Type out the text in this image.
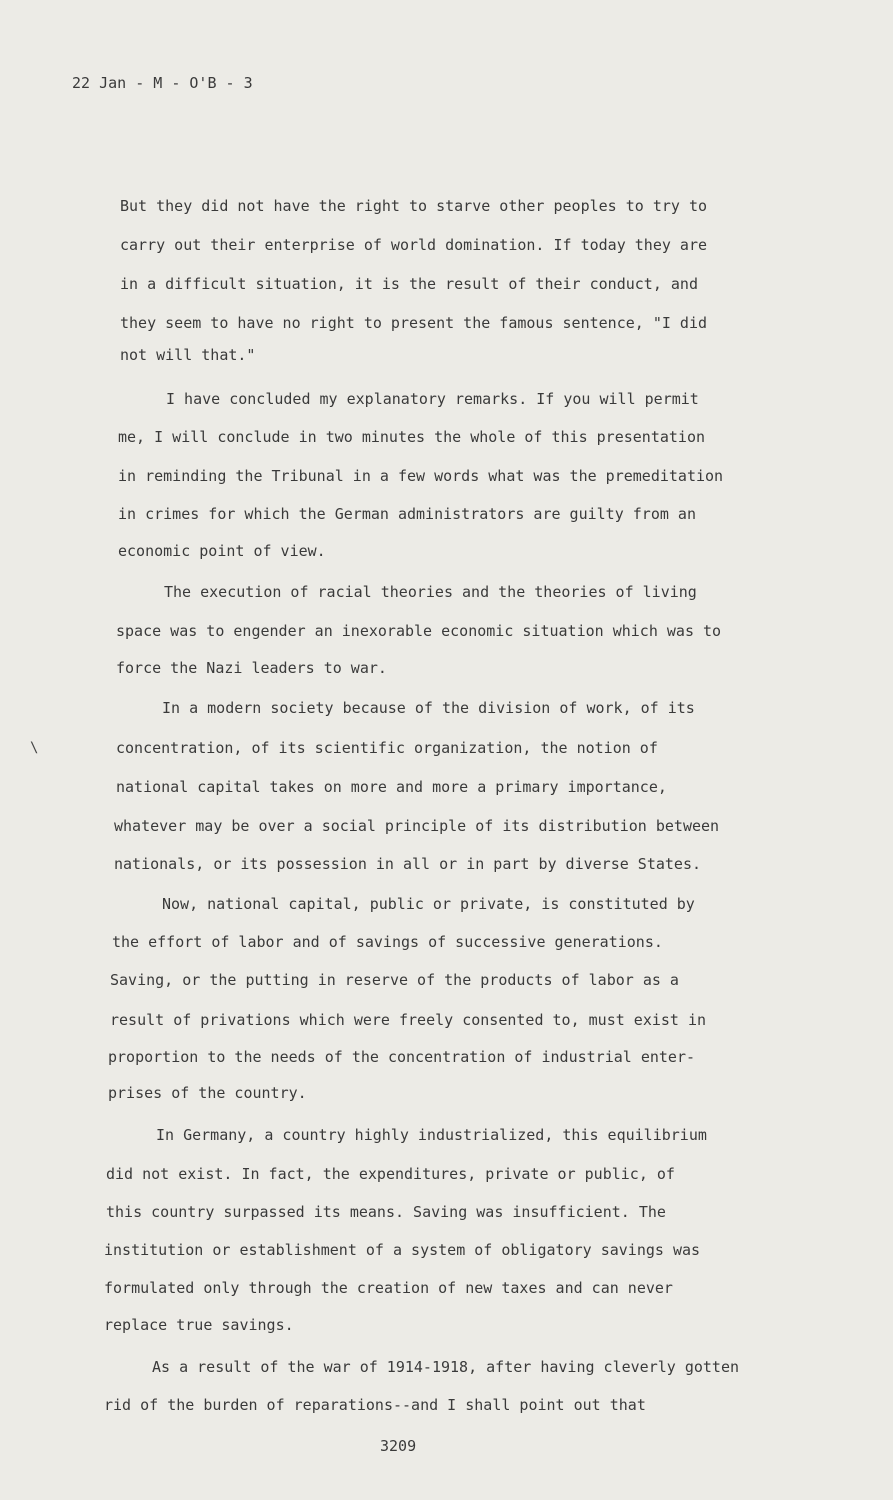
22 Jan - M - O'B - 3
\
But they did not have the right to starve other peoples to try to
carry out their enterprise of world domination. If today they are
in a difficult situation, it is the result of their conduct, and
they seem to have no right to present the famous sentence, "I did
not will that."
I have concluded my explanatory remarks. If you will permit
me, I will conclude in two minutes the whole of this presentation
in reminding the Tribunal in a few words what was the premeditation
in crimes for which the German administrators are guilty from an
economic point of view.
The execution of racial theories and the theories of living
space was to engender an inexorable economic situation which was to
force the Nazi leaders to war.
In a modern society because of the division of work, of its
concentration, of its scientific organization, the notion of
national capital takes on more and more a primary importance,
whatever may be over a social principle of its distribution between
nationals, or its possession in all or in part by diverse States.
Now, national capital, public or private, is constituted by
the effort of labor and of savings of successive generations.
Saving, or the putting in reserve of the products of labor as a
result of privations which were freely consented to, must exist in
proportion to the needs of the concentration of industrial enter-
prises of the country.
In Germany, a country highly industrialized, this equilibrium
did not exist. In fact, the expenditures, private or public, of
this country surpassed its means. Saving was insufficient. The
institution or establishment of a system of obligatory savings was
formulated only through the creation of new taxes and can never
replace true savings.
As a result of the war of 1914-1918, after having cleverly gotten
rid of the burden of reparations--and I shall point out that
3209
